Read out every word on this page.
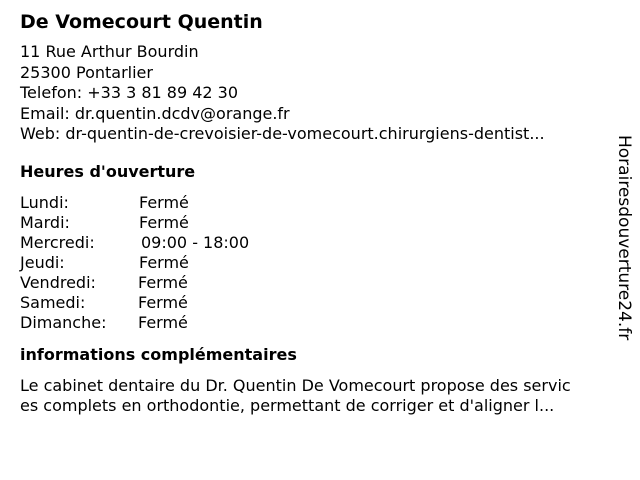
De Vomecourt Quentin
11 Rue Arthur Bourdin
25300 Pontarlier
Telefon: +33 3 81 89 42 30
Email: dr.quentin.dcdv@orange.fr
Web: dr-quentin-de-crevoisier-de-vomecourt.chirurgiens-dentist...
Heures d'ouverture
Lundi:	Fermé
Mardi:	Fermé
Mercredi:	09:00 - 18:00
Jeudi:	Fermé
Vendredi:	Fermé
Samedi:	Fermé
Dimanche: Fermé
informations complémentaires
Le cabinet dentaire du Dr. Quentin De Vomecourt propose des servic
es complets en orthodontie, permettant de corriger et d'aligner l...
Horairesdouverture24.fr
